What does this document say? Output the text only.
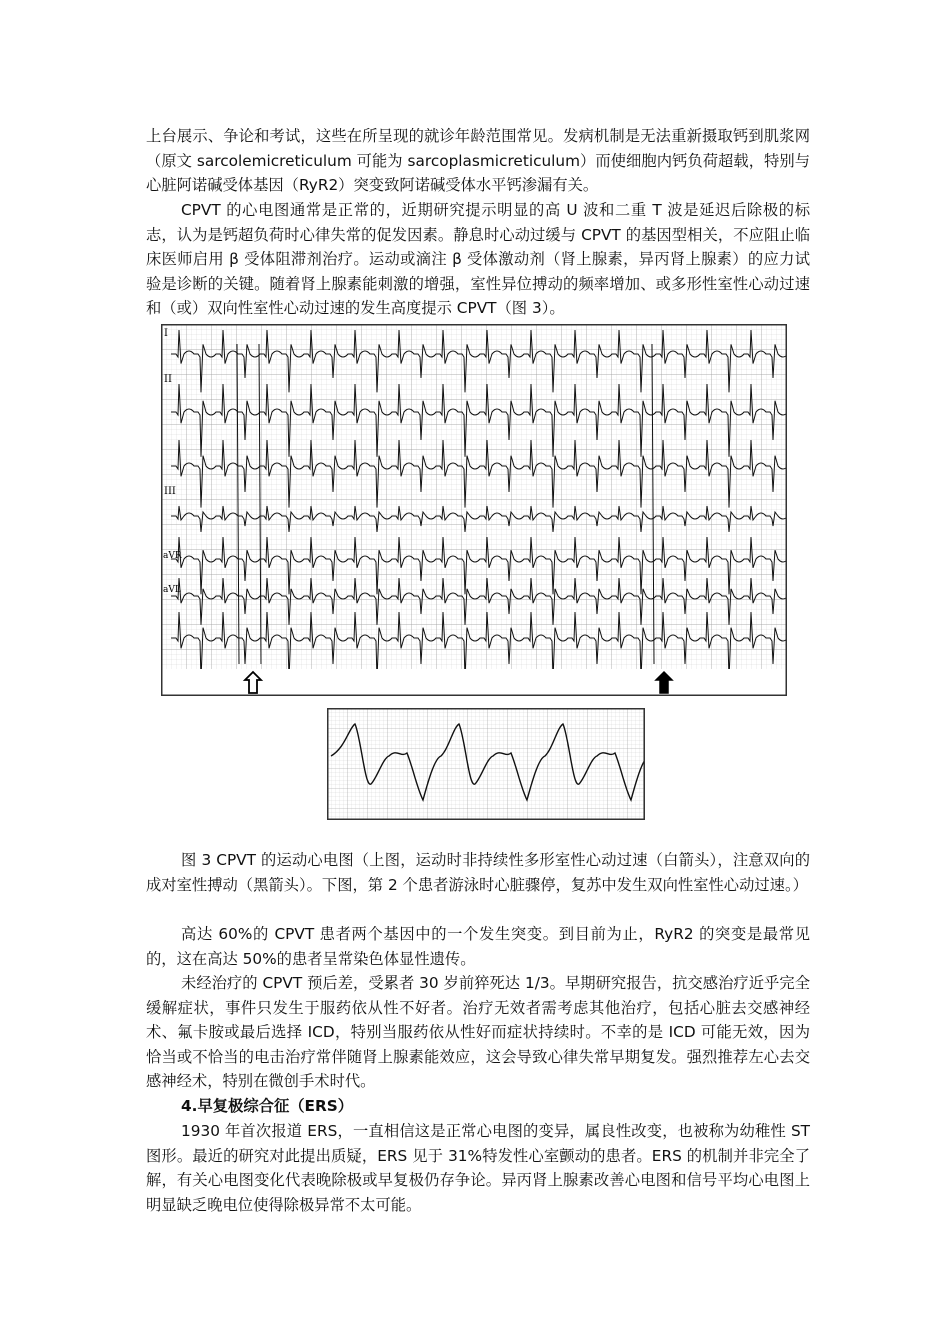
上台展示、争论和考试，这些在所呈现的就诊年龄范围常见。发病机制是无法重新摄取钙到肌浆网（原文 sarcolemicreticulum 可能为 sarcoplasmicreticulum）而使细胞内钙负荷超载，特别与心脏阿诺碱受体基因（RyR2）突变致阿诺碱受体水平钙渗漏有关。

CPVT 的心电图通常是正常的，近期研究提示明显的高 U 波和二重 T 波是延迟后除极的标志，认为是钙超负荷时心律失常的促发因素。静息时心动过缓与 CPVT 的基因型相关，不应阻止临床医师启用 β 受体阻滞剂治疗。运动或滴注 β 受体激动剂（肾上腺素，异丙肾上腺素）的应力试验是诊断的关键。随着肾上腺素能刺激的增强，室性异位搏动的频率增加、或多形性室性心动过速和（或）双向性室性心动过速的发生高度提示 CPVT（图 3）。

I
II
III
aVR
aVL

图 3 CPVT 的运动心电图（上图，运动时非持续性多形室性心动过速（白箭头），注意双向的成对室性搏动（黑箭头）。下图，第 2 个患者游泳时心脏骤停，复苏中发生双向性室性心动过速。）

高达 60%的 CPVT 患者两个基因中的一个发生突变。到目前为止，RyR2 的突变是最常见的，这在高达 50%的患者呈常染色体显性遗传。

未经治疗的 CPVT 预后差，受累者 30 岁前猝死达 1/3。早期研究报告，抗交感治疗近乎完全缓解症状，事件只发生于服药依从性不好者。治疗无效者需考虑其他治疗，包括心脏去交感神经术、氟卡胺或最后选择 ICD，特别当服药依从性好而症状持续时。不幸的是 ICD 可能无效，因为恰当或不恰当的电击治疗常伴随肾上腺素能效应，这会导致心律失常早期复发。强烈推荐左心去交感神经术，特别在微创手术时代。

4.早复极综合征（ERS）

1930 年首次报道 ERS，一直相信这是正常心电图的变异，属良性改变，也被称为幼稚性 ST 图形。最近的研究对此提出质疑，ERS 见于 31%特发性心室颤动的患者。ERS 的机制并非完全了解，有关心电图变化代表晚除极或早复极仍存争论。异丙肾上腺素改善心电图和信号平均心电图上明显缺乏晚电位使得除极异常不太可能。
